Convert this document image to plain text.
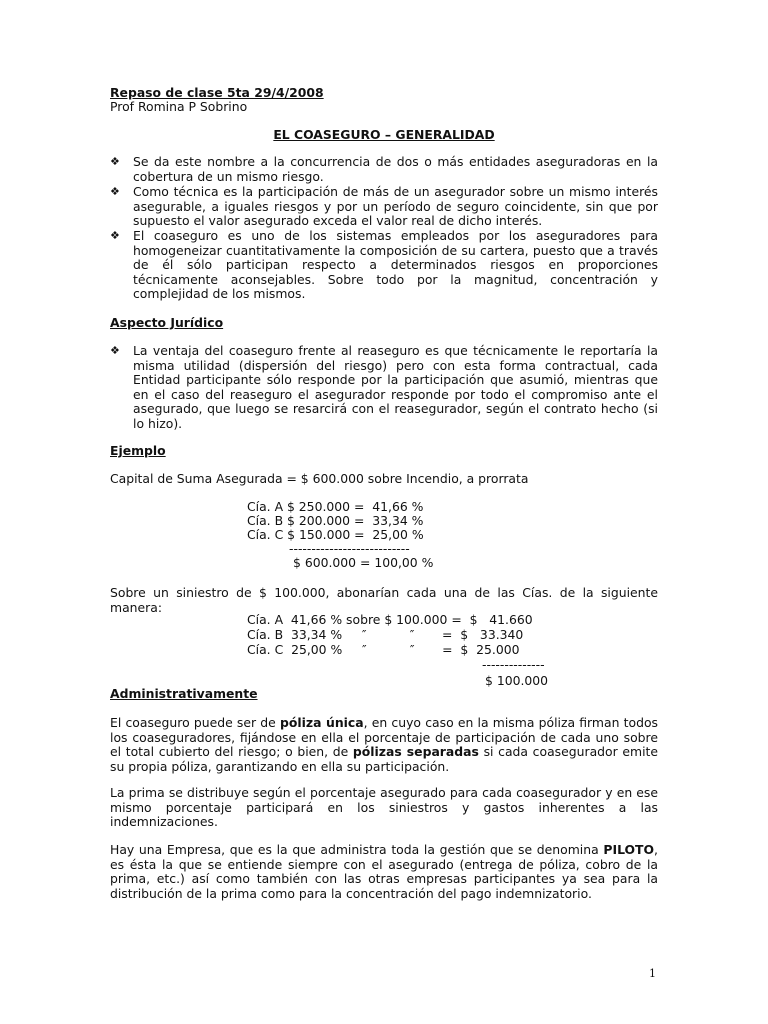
Repaso de clase 5ta 29/4/2008
Prof Romina P Sobrino
EL COASEGURO – GENERALIDAD
❖ Se da este nombre a la concurrencia de dos o más entidades aseguradoras en la cobertura de un mismo riesgo.
❖ Como técnica es la participación de más de un asegurador sobre un mismo interés asegurable, a iguales riesgos y por un período de seguro coincidente, sin que por supuesto el valor asegurado exceda el valor real de dicho interés.
❖ El coaseguro es uno de los sistemas empleados por los aseguradores para homogeneizar cuantitativamente la composición de su cartera, puesto que a través de él sólo participan respecto a determinados riesgos en proporciones técnicamente aconsejables. Sobre todo por la magnitud, concentración y complejidad de los mismos.
Aspecto Jurídico
❖ La ventaja del coaseguro frente al reaseguro es que técnicamente le reportaría la misma utilidad (dispersión del riesgo) pero con esta forma contractual, cada Entidad participante sólo responde por la participación que asumió, mientras que en el caso del reaseguro el asegurador responde por todo el compromiso ante el asegurado, que luego se resarcirá con el reasegurador, según el contrato hecho (si lo hizo).
Ejemplo
Capital de Suma Asegurada = $ 600.000 sobre Incendio, a prorrata
Cía. A $ 250.000 =  41,66 %
Cía. B $ 200.000 =  33,34 %
Cía. C $ 150.000 =  25,00 %
---------------------------
$ 600.000 = 100,00 %
Sobre un siniestro de $ 100.000, abonarían cada una de las Cías. de la siguiente manera:
Cía. A  41,66 % sobre $ 100.000 =  $   41.660
Cía. B  33,34 %     ″           ″       =  $   33.340
Cía. C  25,00 %     ″           ″       =  $  25.000
--------------
$ 100.000
Administrativamente
El coaseguro puede ser de póliza única, en cuyo caso en la misma póliza firman todos los coaseguradores, fijándose en ella el porcentaje de participación de cada uno sobre el total cubierto del riesgo; o bien, de pólizas separadas si cada coasegurador emite su propia póliza, garantizando en ella su participación.
La prima se distribuye según el porcentaje asegurado para cada coasegurador y en ese mismo porcentaje participará en los siniestros y gastos inherentes a las indemnizaciones.
Hay una Empresa, que es la que administra toda la gestión que se denomina PILOTO, es ésta la que se entiende siempre con el asegurado (entrega de póliza, cobro de la prima, etc.) así como también con las otras empresas participantes ya sea para la distribución de la prima como para la concentración del pago indemnizatorio.
1
